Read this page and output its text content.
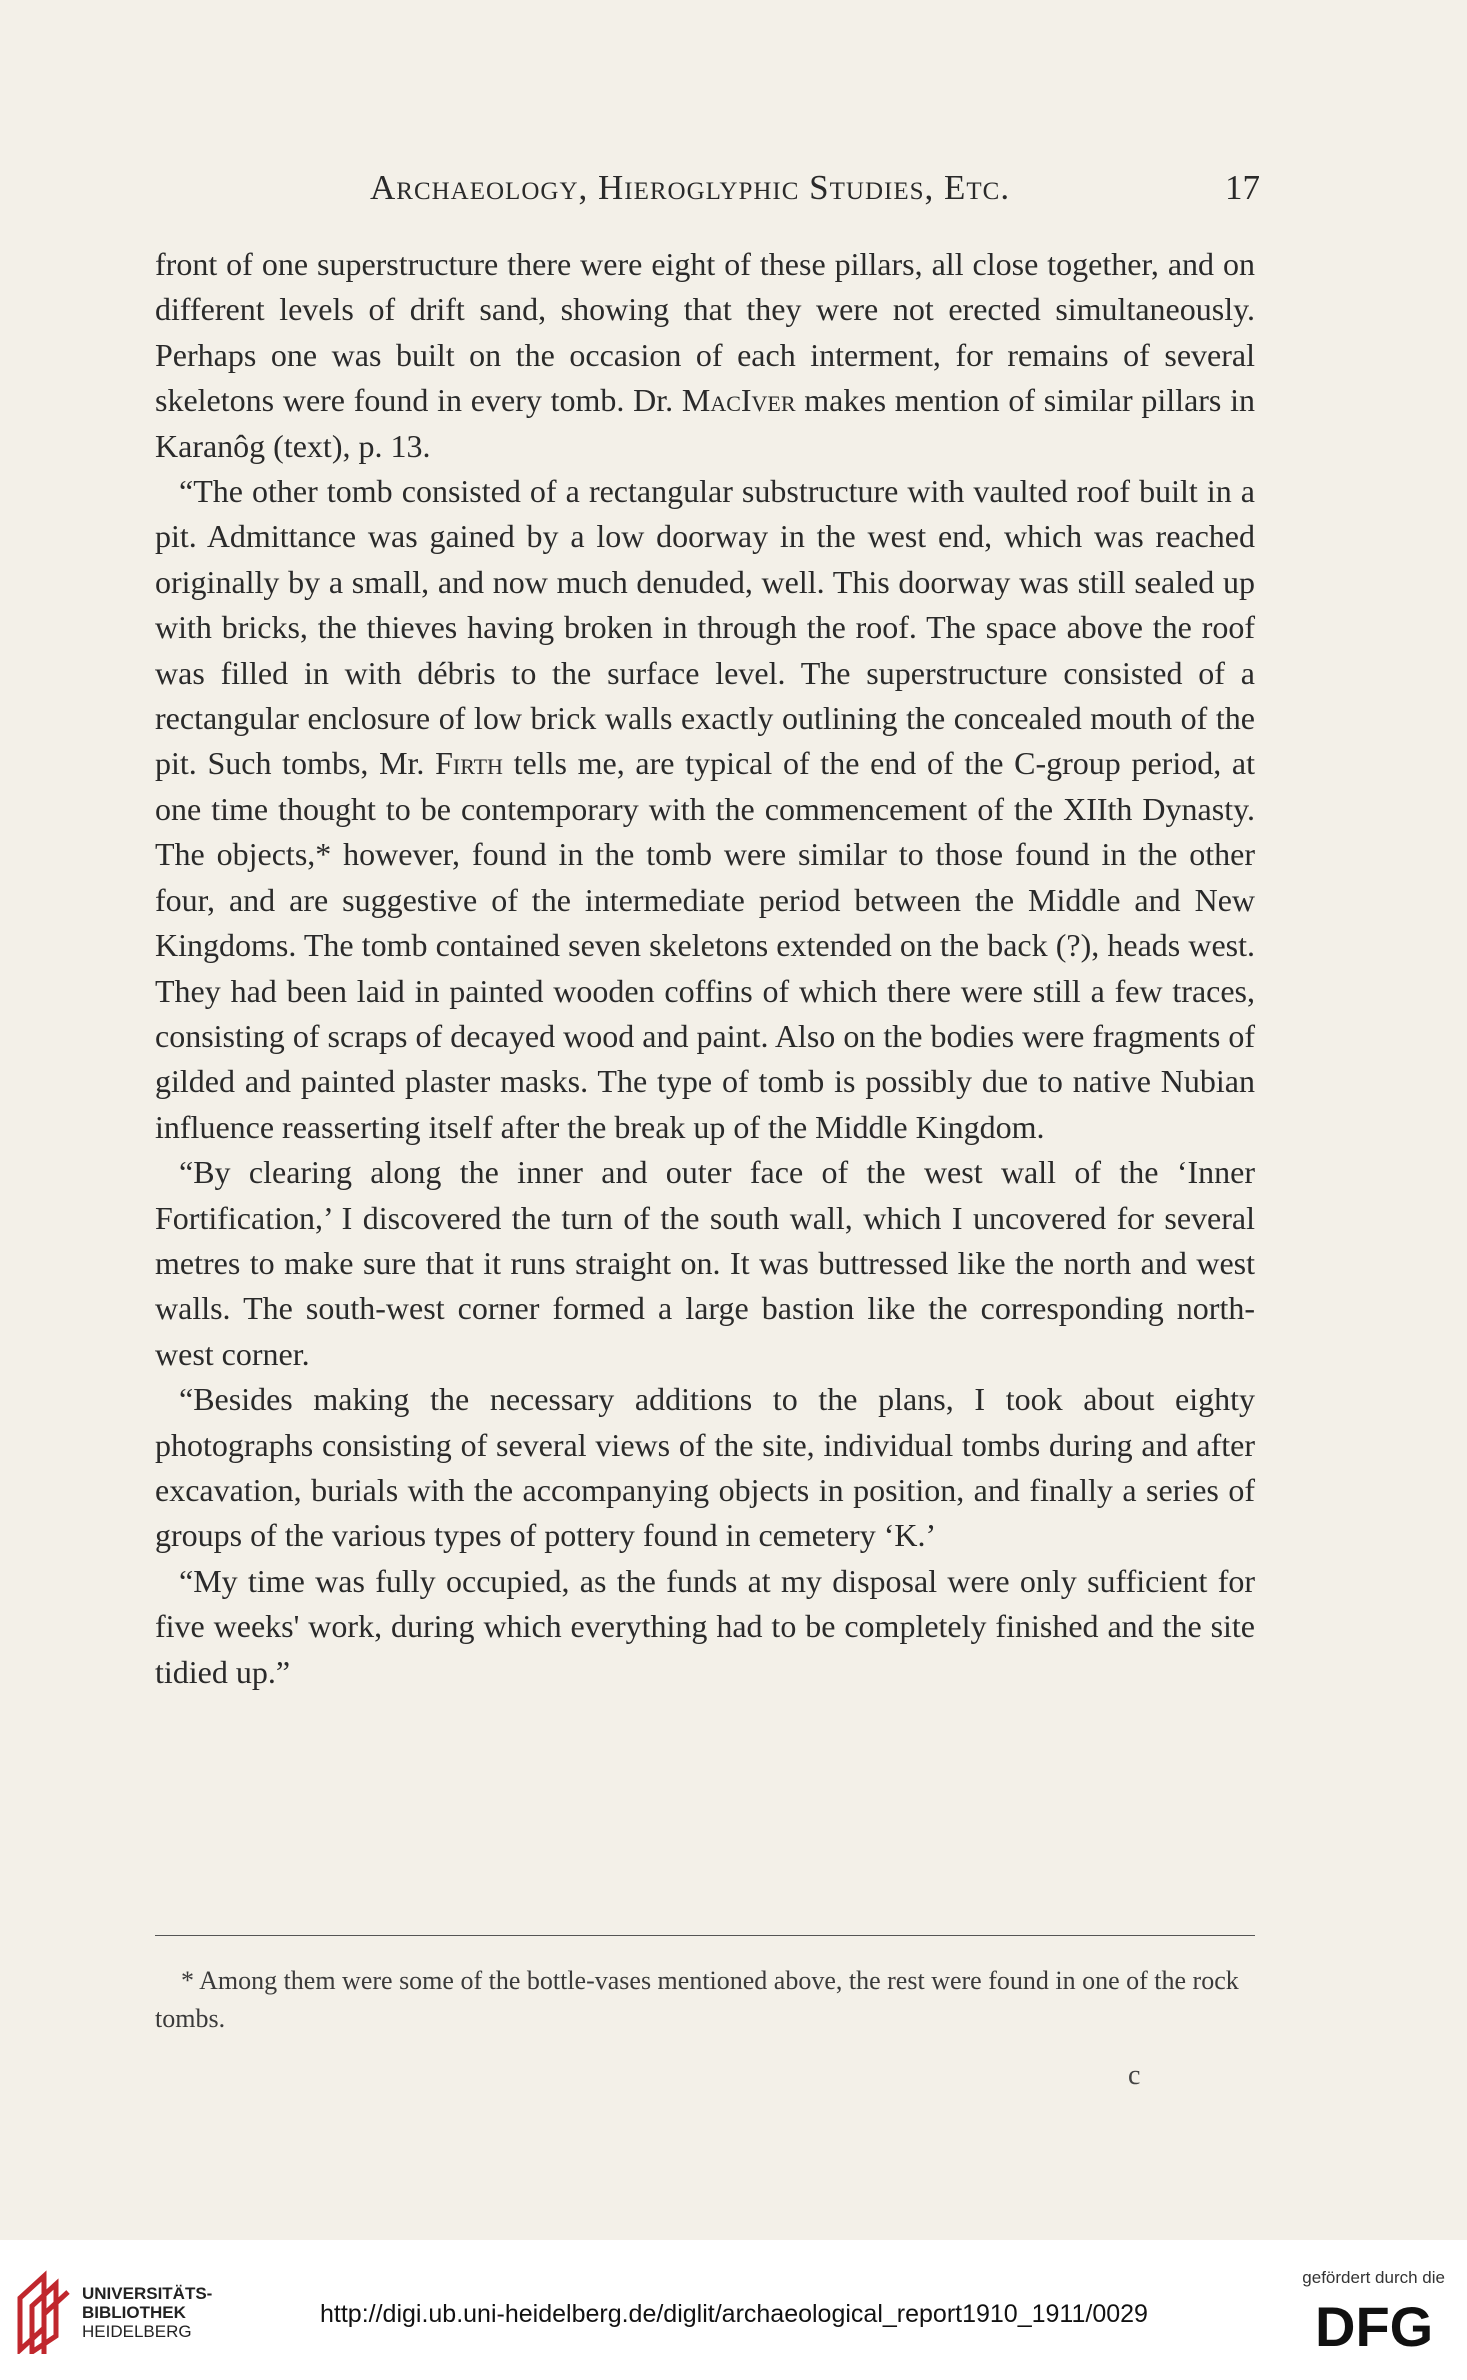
Archaeology, Hieroglyphic Studies, Etc.	17

front of one superstructure there were eight of these pillars, all close together, and on different levels of drift sand, showing that they were not erected simultaneously. Perhaps one was built on the occasion of each interment, for remains of several skeletons were found in every tomb. Dr. MacIver makes mention of similar pillars in Karanôg (text), p. 13.

“The other tomb consisted of a rectangular substructure with vaulted roof built in a pit. Admittance was gained by a low doorway in the west end, which was reached originally by a small, and now much denuded, well. This doorway was still sealed up with bricks, the thieves having broken in through the roof. The space above the roof was filled in with débris to the surface level. The superstructure consisted of a rectangular enclosure of low brick walls exactly outlining the concealed mouth of the pit. Such tombs, Mr. Firth tells me, are typical of the end of the C-group period, at one time thought to be contemporary with the commencement of the XIIth Dynasty. The objects,* however, found in the tomb were similar to those found in the other four, and are suggestive of the intermediate period between the Middle and New Kingdoms. The tomb contained seven skeletons extended on the back (?), heads west. They had been laid in painted wooden coffins of which there were still a few traces, consisting of scraps of decayed wood and paint. Also on the bodies were fragments of gilded and painted plaster masks. The type of tomb is possibly due to native Nubian influence reasserting itself after the break up of the Middle Kingdom.

“By clearing along the inner and outer face of the west wall of the ‘Inner Fortification,’ I discovered the turn of the south wall, which I uncovered for several metres to make sure that it runs straight on. It was buttressed like the north and west walls. The south-west corner formed a large bastion like the corresponding north-west corner.

“Besides making the necessary additions to the plans, I took about eighty photographs consisting of several views of the site, individual tombs during and after excavation, burials with the accompanying objects in position, and finally a series of groups of the various types of pottery found in cemetery ‘K.’

“My time was fully occupied, as the funds at my disposal were only sufficient for five weeks' work, during which everything had to be completely finished and the site tidied up.”

* Among them were some of the bottle-vases mentioned above, the rest were found in one of the rock tombs.

c
UNIVERSITÄTS-
BIBLIOTHEK
HEIDELBERG
http://digi.ub.uni-heidelberg.de/diglit/archaeological_report1910_1911/0029
gefördert durch die
DFG
